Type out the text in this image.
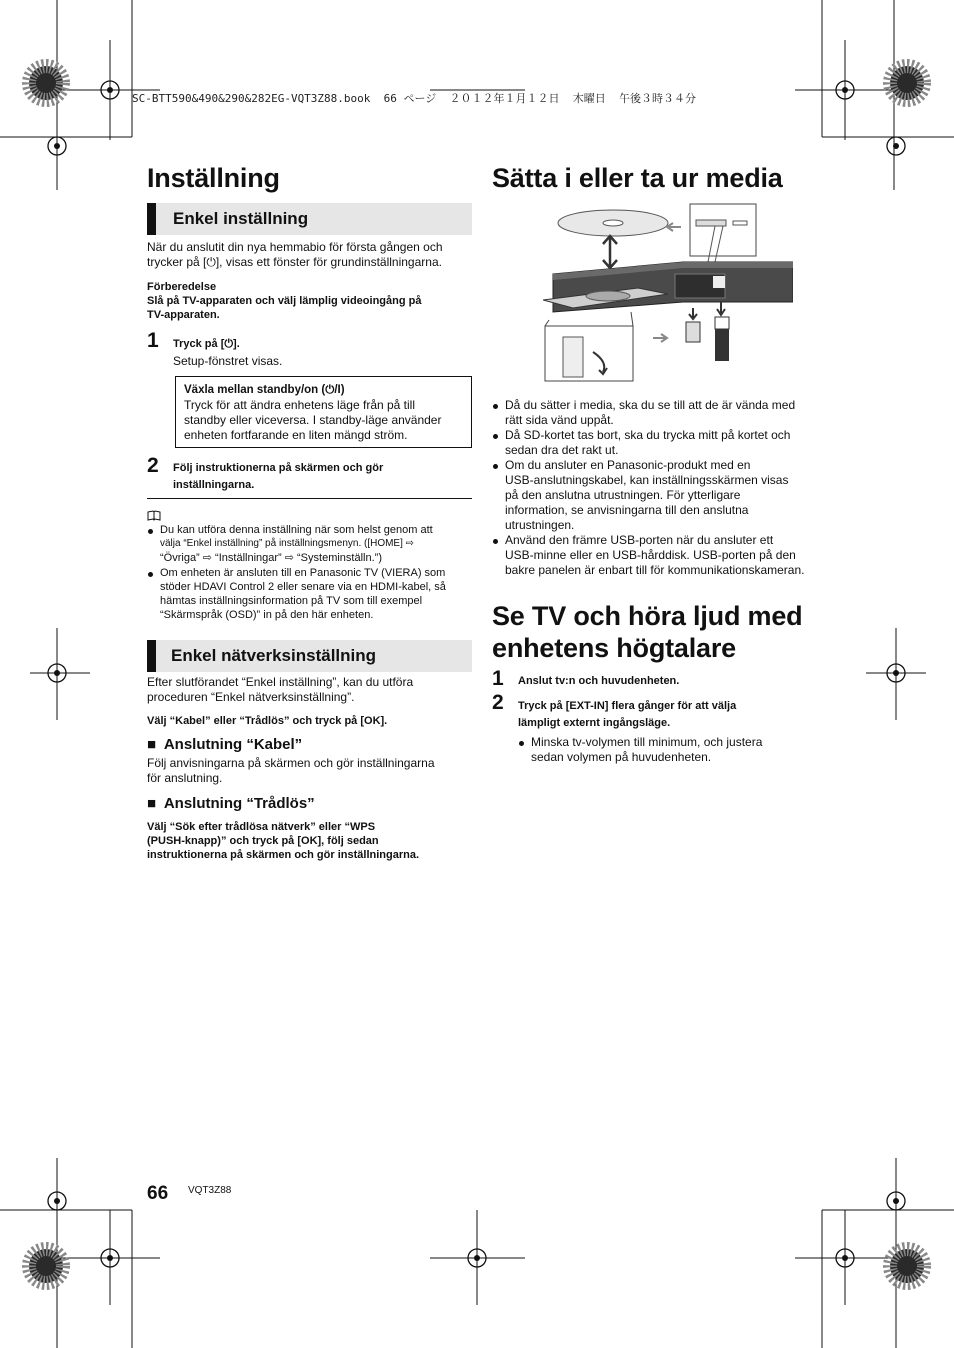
SC-BTT590&490&290&282EG-VQT3Z88.book  66 ページ  ２０１２年１月１２日  木曜日  午後３時３４分
Inställning
Enkel inställning
När du anslutit din nya hemmabio för första gången och
trycker på [⏻], visas ett fönster för grundinställningarna.
Förberedelse
Slå på TV-apparaten och välj lämplig videoingång på
TV-apparaten.
1 Tryck på [⏻].
Setup-fönstret visas.
Växla mellan standby/on (⏻/I)
Tryck för att ändra enhetens läge från på till
standby eller viceversa. I standby-läge använder
enheten fortfarande en liten mängd ström.
2 Följ instruktionerna på skärmen och gör
inställningarna.
Du kan utföra denna inställning när som helst genom att
välja “Enkel inställning” på inställningsmenyn. ([HOME] ⇨
“Övriga” ⇨ “Inställningar” ⇨ “Systeminställn.”)
Om enheten är ansluten till en Panasonic TV (VIERA) som
stöder HDAVI Control 2 eller senare via en HDMI-kabel, så
hämtas inställningsinformation på TV som till exempel
“Skärmspråk (OSD)” in på den här enheten.
Enkel nätverksinställning
Efter slutförandet “Enkel inställning”, kan du utföra
proceduren “Enkel nätverksinställning”.
Välj “Kabel” eller “Trådlös” och tryck på [OK].
■  Anslutning “Kabel”
Följ anvisningarna på skärmen och gör inställningarna
för anslutning.
■  Anslutning “Trådlös”
Välj “Sök efter trådlösa nätverk” eller “WPS
(PUSH-knapp)” och tryck på [OK], följ sedan
instruktionerna på skärmen och gör inställningarna.
Sätta i eller ta ur media
Då du sätter i media, ska du se till att de är vända med
rätt sida vänd uppåt.
Då SD-kortet tas bort, ska du trycka mitt på kortet och
sedan dra det rakt ut.
Om du ansluter en Panasonic-produkt med en
USB-anslutningskabel, kan inställningsskärmen visas
på den anslutna utrustningen. För ytterligare
information, se anvisningarna till den anslutna
utrustningen.
Använd den främre USB-porten när du ansluter ett
USB-minne eller en USB-hårddisk. USB-porten på den
bakre panelen är enbart till för kommunikationskameran.
Se TV och höra ljud med
enhetens högtalare
1 Anslut tv:n och huvudenheten.
2 Tryck på [EXT-IN] flera gånger för att välja
lämpligt externt ingångsläge.
Minska tv-volymen till minimum, och justera
sedan volymen på huvudenheten.
66 VQT3Z88
